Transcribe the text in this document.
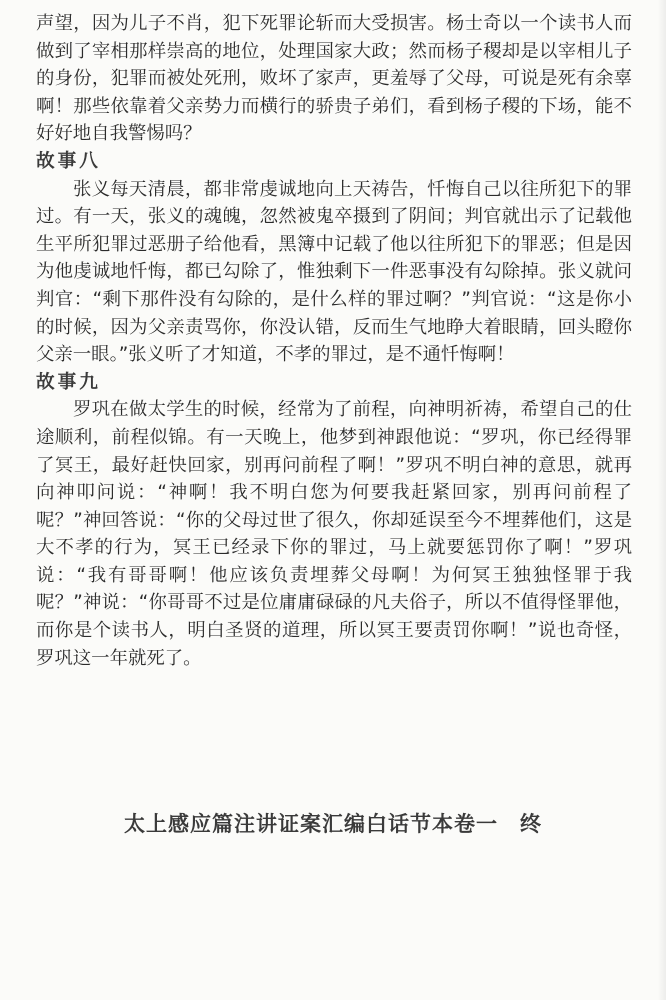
声望，因为儿子不肖，犯下死罪论斩而大受损害。杨士奇以一个读书人而做到了宰相那样崇高的地位，处理国家大政；然而杨子稷却是以宰相儿子的身份，犯罪而被处死刑，败坏了家声，更羞辱了父母，可说是死有余辜啊！那些依靠着父亲势力而横行的骄贵子弟们，看到杨子稷的下场，能不好好地自我警惕吗？

故事八

张义每天清晨，都非常虔诚地向上天祷告，忏悔自己以往所犯下的罪过。有一天，张义的魂魄，忽然被鬼卒摄到了阴间；判官就出示了记载他生平所犯罪过恶册子给他看，黑簿中记载了他以往所犯下的罪恶；但是因为他虔诚地忏悔，都已勾除了，惟独剩下一件恶事没有勾除掉。张义就问判官：“剩下那件没有勾除的，是什么样的罪过啊？”判官说：“这是你小的时候，因为父亲责骂你，你没认错，反而生气地睁大着眼睛，回头瞪你父亲一眼。”张义听了才知道，不孝的罪过，是不通忏悔啊！

故事九

罗巩在做太学生的时候，经常为了前程，向神明祈祷，希望自己的仕途顺利，前程似锦。有一天晚上，他梦到神跟他说：“罗巩，你已经得罪了冥王，最好赶快回家，别再问前程了啊！”罗巩不明白神的意思，就再向神叩问说：“神啊！我不明白您为何要我赶紧回家，别再问前程了呢？”神回答说：“你的父母过世了很久，你却延误至今不埋葬他们，这是大不孝的行为，冥王已经录下你的罪过，马上就要惩罚你了啊！”罗巩说：“我有哥哥啊！他应该负责埋葬父母啊！为何冥王独独怪罪于我呢？”神说：“你哥哥不过是位庸庸碌碌的凡夫俗子，所以不值得怪罪他，而你是个读书人，明白圣贤的道理，所以冥王要责罚你啊！”说也奇怪，罗巩这一年就死了。

太上感应篇注讲证案汇编白话节本卷一 终
